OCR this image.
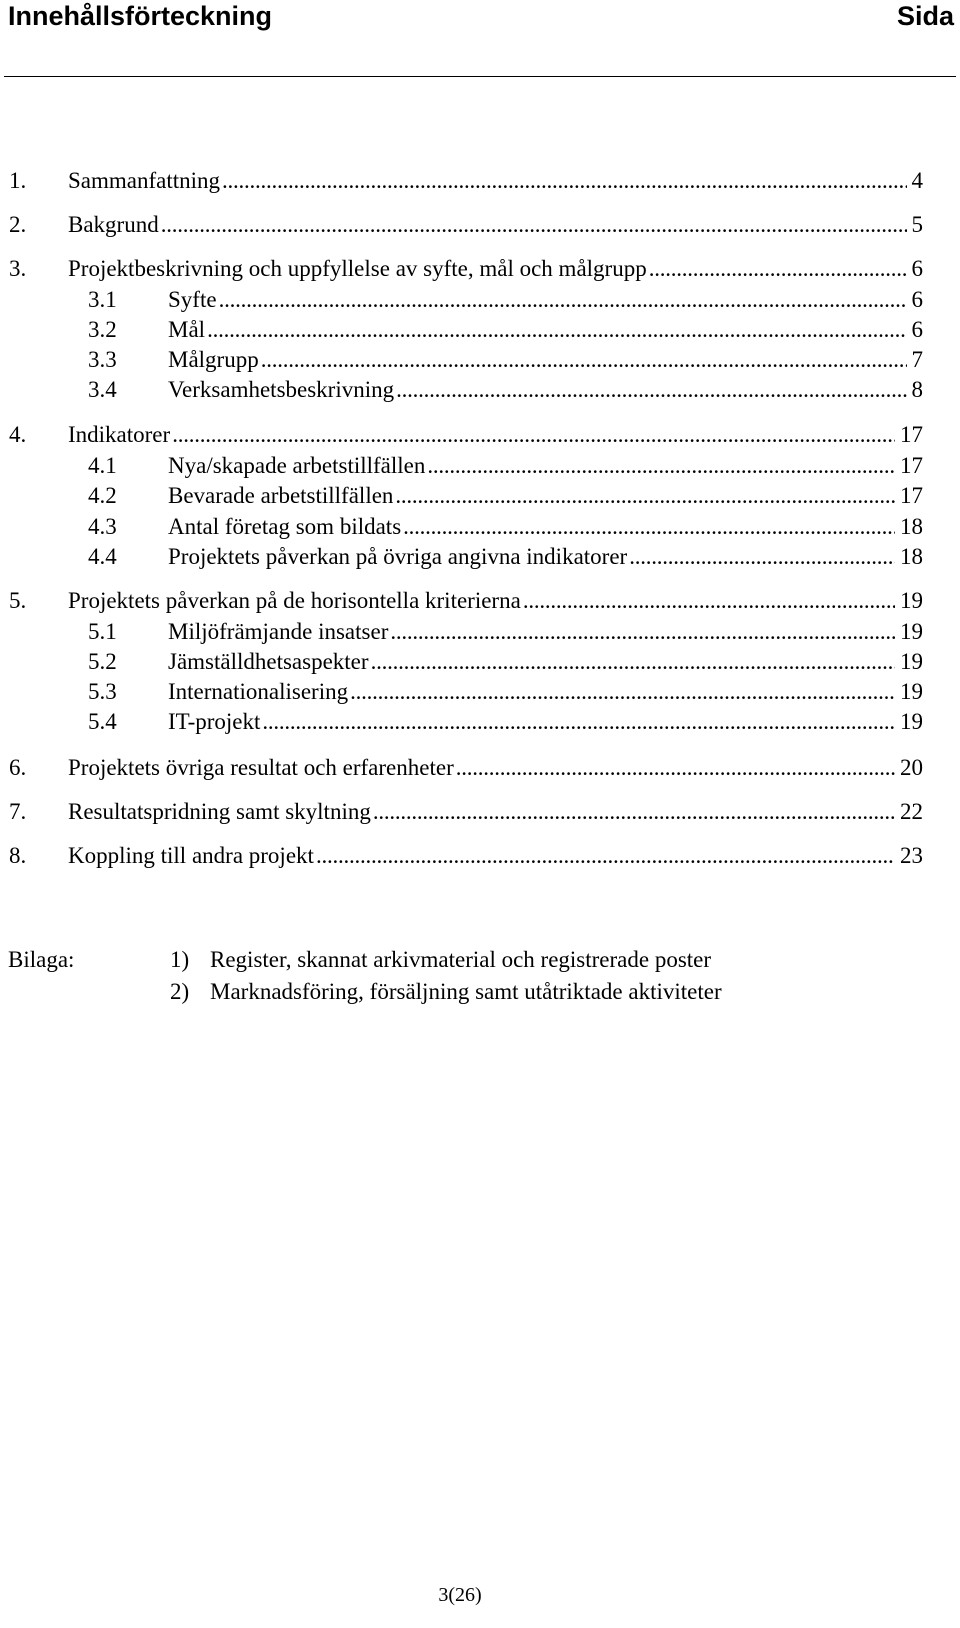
Innehållsförteckning	Sida
1. Sammanfattning . . .	4
2. Bakgrund . . .	5
3. Projektbeskrivning och uppfyllelse av syfte, mål och målgrupp . . .	6
3.1 Syfte . . .	6
3.2 Mål . . .	6
3.3 Målgrupp . . .	7
3.4 Verksamhetsbeskrivning . . .	8
4. Indikatorer . . .	17
4.1 Nya/skapade arbetstillfällen . . .	17
4.2 Bevarade arbetstillfällen . . .	17
4.3 Antal företag som bildats . . .	18
4.4 Projektets påverkan på övriga angivna indikatorer . . .	18
5. Projektets påverkan på de horisontella kriterierna . . .	19
5.1 Miljöfrämjande insatser . . .	19
5.2 Jämställdhetsaspekter . . .	19
5.3 Internationalisering . . .	19
5.4 IT-projekt . . .	19
6. Projektets övriga resultat och erfarenheter . . .	20
7. Resultatspridning samt skyltning . . .	22
8. Koppling till andra projekt . . .	23
Bilaga:	1) Register, skannat arkivmaterial och registrerade poster
2) Marknadsföring, försäljning samt utåtriktade aktiviteter
3(26)
